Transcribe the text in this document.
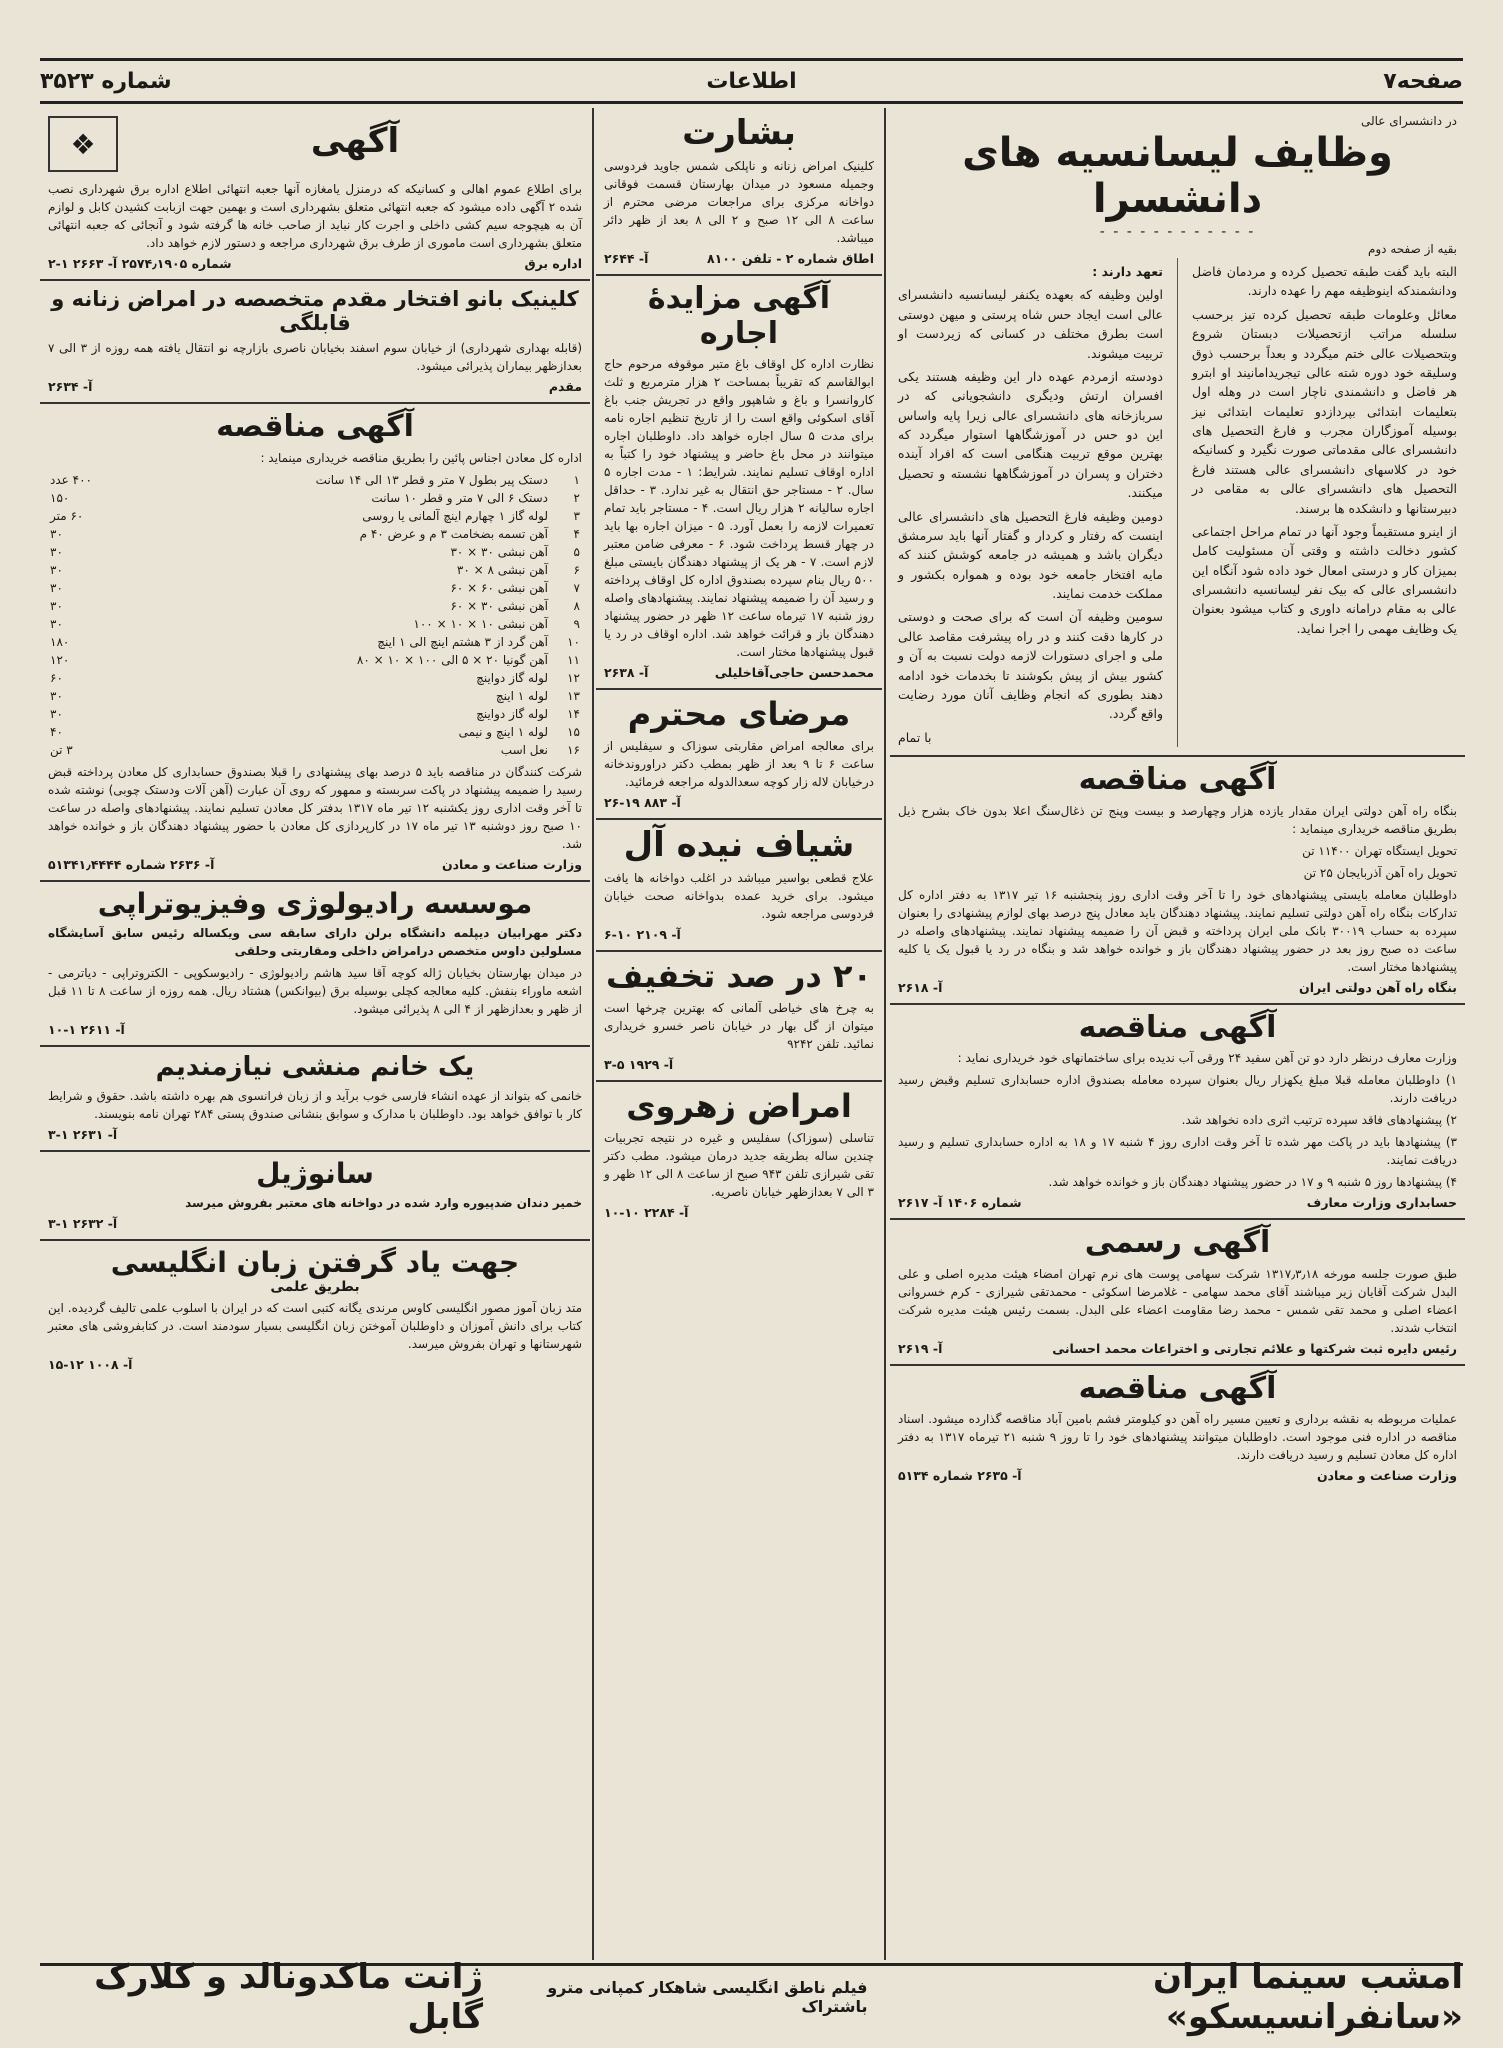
صفحه۷
اطلاعات
شماره ۳۵۲۳
در دانشسرای عالی
وظایف لیسانسیه های دانشسرا
- - - - - - - - - - - -
بقیه از صفحه دوم
البته باید گفت طبقه تحصیل کرده و مردمان فاضل ودانشمندکه اینوظیفه مهم را عهده دارند.
معائل وعلومات طبقه تحصیل کرده تیز برحسب سلسله مراتب ازتحصیلات دبستان شروع وبتحصیلات عالی ختم میگردد و بعداً برحسب ذوق وسلیقه خود دوره شته عالی تیجریدامانیند او ابترو هر فاضل و دانشمندی ناچار است در وهله اول بتعلیمات ابتدائی بپردازدو تعلیمات ابتدائی نیز بوسیله آموزگاران مجرب و فارغ التحصیل های دانشسرای عالی مقدماتی صورت نگیرد و کسانیکه خود در کلاسهای دانشسرای عالی هستند فارغ التحصیل های دانشسرای عالی به مقامی در دبیرستانها و دانشکده ها برسند.
از اینرو مستقیماً وجود آنها در تمام مراحل اجتماعی کشور دخالت داشته و وقتی آن مسئولیت کامل بمیزان کار و درستی امعال خود داده شود آنگاه این دانشسرای عالی که بیک نفر لیسانسیه دانشسرای عالی به مقام درامانه داوری و کتاب میشود بعنوان یک وظایف مهمی را اجرا نماید.
تعهد دارند :
اولین وظیفه که بعهده یکنفر لیسانسیه دانشسرای عالی است ایجاد حس شاه پرستی و میهن دوستی است بطرق مختلف در کسانی که زیردست او تربیت میشوند.
دودسته ازمردم عهده دار این وظیفه هستند یکی افسران ارتش ودیگری دانشجویانی که در سربازخانه های دانشسرای عالی زیرا پایه واساس این دو حس در آموزشگاهها استوار میگردد که بهترین موقع تربیت هنگامی است که افراد آینده دختران و پسران در آموزشگاهها نشسته و تحصیل میکنند.
دومین وظیفه فارغ التحصیل های دانشسرای عالی اینست که رفتار و کردار و گفتار آنها باید سرمشق دیگران باشد و همیشه در جامعه کوشش کنند که مایه افتخار جامعه خود بوده و همواره بکشور و مملکت خدمت نمایند.
سومین وظیفه آن است که برای صحت و دوستی در کارها دقت کنند و در راه پیشرفت مقاصد عالی ملی و اجرای دستورات لازمه دولت نسبت به آن و کشور بیش از پیش بکوشند تا بخدمات خود ادامه دهند بطوری که انجام وظایف آنان مورد رضایت واقع گردد.
با تمام
آگهی مناقصه
بنگاه راه آهن دولتی ایران مقدار یازده هزار وچهارصد و بیست وپنج تن ذغال‌سنگ اعلا بدون خاک بشرح ذیل بطریق مناقصه خریداری مینماید :
تحویل ایستگاه تهران ۱۱۴۰۰ تن
تحویل راه آهن آذربایجان ۲۵ تن
داوطلبان معامله بایستی پیشنهادهای خود را تا آخر وقت اداری روز پنجشنبه ۱۶ تیر ۱۳۱۷ به دفتر اداره کل تدارکات بنگاه راه آهن دولتی تسلیم نمایند. پیشنهاد دهندگان باید معادل پنج درصد بهای لوازم پیشنهادی را بعنوان سپرده به حساب ۳۰۰۱۹ بانک ملی ایران پرداخته و قبض آن را ضمیمه پیشنهاد نمایند. پیشنهادهای واصله در ساعت ده صبح روز بعد در حضور پیشنهاد دهندگان باز و خوانده خواهد شد و بنگاه در رد یا قبول یک یا کلیه پیشنهادها مختار است.
بنگاه راه آهن دولتی ایران
آ- ۲۶۱۸
آگهی مناقصه
وزارت معارف درنظر دارد دو تن آهن سفید ۲۴ ورقی آب ندیده برای ساختمانهای خود خریداری نماید :
۱) داوطلبان معامله قبلا مبلغ یکهزار ریال بعنوان سپرده معامله بصندوق اداره حسابداری تسلیم وقبض رسید دریافت دارند.
۲) پیشنهادهای فاقد سپرده ترتیب اثری داده نخواهد شد.
۳) پیشنهادها باید در پاکت مهر شده تا آخر وقت اداری روز ۴ شنبه ۱۷ و ۱۸ به اداره حسابداری تسلیم و رسید دریافت نمایند.
۴) پیشنهادها روز ۵ شنبه ۹ و ۱۷ در حضور پیشنهاد دهندگان باز و خوانده خواهد شد.
حسابداری وزارت معارف
شماره ۱۴۰۶ آ- ۲۶۱۷
آگهی رسمی
طبق صورت جلسه مورخه ۱۳۱۷٫۳٫۱۸ شرکت سهامی پوست های نرم تهران امضاء هیئت مدیره اصلی و علی البدل شرکت آقایان زیر میباشند آقای محمد سهامی - غلامرضا اسکوئی - محمدتقی شیرازی - کرم خسروانی اعضاء اصلی و محمد تقی شمس - محمد رضا مقاومت اعضاء علی البدل. بسمت رئیس هیئت مدیره شرکت انتخاب شدند.
رئیس دایره ثبت شرکتها و علائم تجارتی و اختراعات محمد احسانی
آ- ۲۶۱۹
آگهی مناقصه
عملیات مربوطه به نقشه برداری و تعیین مسیر راه آهن دو کیلومتر فشم بامین آباد مناقصه گذارده میشود. اسناد مناقصه در اداره فنی موجود است. داوطلبان میتوانند پیشنهادهای خود را تا روز ۹ شنبه ۲۱ تیرماه ۱۳۱۷ به دفتر اداره کل معادن تسلیم و رسید دریافت دارند.
وزارت صناعت و معادن
آ- ۲۶۳۵ شماره ۵۱۳۴
بشارت
کلینیک امراض زنانه و ناپلکی شمس جاوید فردوسی وجمیله مسعود در میدان بهارستان قسمت فوقانی دواخانه مرکزی برای مراجعات مرضی محترم از ساعت ۸ الی ۱۲ صبح و ۲ الی ۸ بعد از ظهر دائر میباشد.
اطاق شماره ۲ - تلفن ۸۱۰۰
آ- ۲۶۴۴
آگهی مزایدهٔ اجاره
نظارت اداره کل اوقاف باغ متبر موقوفه مرحوم حاج ابوالقاسم که تقریباً بمساحت ۲ هزار مترمربع و ثلث کاروانسرا و باغ و شاهپور واقع در تجریش جنب باغ آقای اسکوئی واقع است را از تاریخ تنظیم اجاره نامه برای مدت ۵ سال اجاره خواهد داد. داوطلبان اجاره میتوانند در محل باغ حاضر و پیشنهاد خود را کتباً به اداره اوقاف تسلیم نمایند. شرایط: ۱ - مدت اجاره ۵ سال. ۲ - مستاجر حق انتقال به غیر ندارد. ۳ - حداقل اجاره سالیانه ۲ هزار ریال است. ۴ - مستاجر باید تمام تعمیرات لازمه را بعمل آورد. ۵ - میزان اجاره بها باید در چهار قسط پرداخت شود. ۶ - معرفی ضامن معتبر لازم است. ۷ - هر یک از پیشنهاد دهندگان بایستی مبلغ ۵۰۰ ریال بنام سپرده بصندوق اداره کل اوقاف پرداخته و رسید آن را ضمیمه پیشنهاد نمایند. پیشنهادهای واصله روز شنبه ۱۷ تیرماه ساعت ۱۲ ظهر در حضور پیشنهاد دهندگان باز و قرائت خواهد شد. اداره اوقاف در رد یا قبول پیشنهادها مختار است.
محمدحسن حاجی‌آقاخلیلی
آ- ۲۶۳۸
مرضای محترم
برای معالجه امراض مقاربتی سوزاک و سیفلیس از ساعت ۶ تا ۹ بعد از ظهر بمطب دکتر دراوروندخانه درخیابان لاله زار کوچه سعدالدوله مراجعه فرمائید.
آ- ۸۸۳ ۱۹-۲۶
شیاف نیده آل
علاج قطعی بواسیر میباشد در اغلب دواخانه ها یافت میشود. برای خرید عمده بدواخانه صحت خیابان فردوسی مراجعه شود.
آ- ۲۱۰۹ ۱۰-۶
۲۰ در صد تخفیف
به چرخ های خیاطی آلمانی که بهترین چرخها است میتوان از گل بهار در خیابان ناصر خسرو خریداری نمائید. تلفن ۹۲۴۲
آ- ۱۹۲۹ ۵-۳
امراض زهروی
تناسلی (سوزاک) سفلیس و غیره در نتیجه تجربیات چندین ساله بطریقه جدید درمان میشود. مطب دکتر تقی شیرازی تلفن ۹۴۳ صبح از ساعت ۸ الی ۱۲ ظهر و ۳ الی ۷ بعدازظهر خیابان ناصریه.
آ- ۲۲۸۴ ۱۰-۱۰
❖	آگهی
برای اطلاع عموم اهالی و کسانیکه که درمنزل یامغازه آنها جعبه انتهائی اطلاع اداره برق شهرداری نصب شده ۲ آگهی داده میشود که جعبه انتهائی متعلق بشهرداری است و بهمین جهت ازبابت کشیدن کابل و لوازم آن به هیچوجه سیم کشی داخلی و اجرت کار نباید از صاحب خانه ها گرفته شود و آنجائی که جعبه انتهائی متعلق بشهرداری است ماموری از طرف برق شهرداری مراجعه و دستور لازم خواهد داد.
اداره برق
شماره ۲۵۷۴٫۱۹۰۵ آ- ۲۶۶۳ ۱-۲
کلینیک بانو افتخار مقدم متخصصه در امراض زنانه و قابلگی
(قابله بهداری شهرداری) از خیابان سوم اسفند بخیابان ناصری بازارچه نو انتقال یافته همه روزه از ۳ الی ۷ بعدازظهر بیماران پذیرائی میشود.
مقدم
آ- ۲۶۳۴
آگهی مناقصه
اداره کل معادن اجناس پائین را بطریق مناقصه خریداری مینماید :
۱	دستک پیر بطول ۷ متر و قطر ۱۳ الی ۱۴ سانت	۴۰۰ عدد
۲	دستک ۶ الی ۷ متر و قطر ۱۰ سانت	۱۵۰
۳	لوله گاز ۱ چهارم اینچ آلمانی یا روسی	۶۰ متر
۴	آهن تسمه بضخامت ۳ م و عرض ۴۰ م	۳۰
۵	آهن نبشی ۳۰ × ۳۰	۳۰
۶	آهن نبشی ۸ × ۳۰	۳۰
۷	آهن نبشی ۶۰ × ۶۰	۳۰
۸	آهن نبشی ۳۰ × ۶۰	۳۰
۹	آهن نبشی ۱۰ × ۱۰ × ۱۰۰	۳۰
۱۰	آهن گرد از ۳ هشتم اینچ الی ۱ اینچ	۱۸۰
۱۱	آهن گونیا ۲۰ × ۵ الی ۱۰۰ × ۱۰ × ۸۰	۱۲۰
۱۲	لوله گاز دواینچ	۶۰
۱۳	لوله ۱ اینچ	۳۰
۱۴	لوله گاز دواینچ	۳۰
۱۵	لوله ۱ اینچ و نیمی	۴۰
۱۶	نعل اسب	۳ تن
شرکت کنندگان در مناقصه باید ۵ درصد بهای پیشنهادی را قبلا بصندوق حسابداری کل معادن پرداخته قبض رسید را ضمیمه پیشنهاد در پاکت سربسته و ممهور که روی آن عبارت (آهن آلات ودستک چوبی) نوشته شده تا آخر وقت اداری روز یکشنبه ۱۲ تیر ماه ۱۳۱۷ بدفتر کل معادن تسلیم نمایند. پیشنهادهای واصله در ساعت ۱۰ صبح روز دوشنبه ۱۳ تیر ماه ۱۷ در کارپردازی کل معادن با حضور پیشنهاد دهندگان باز و خوانده خواهد شد.
وزارت صناعت و معادن
آ- ۲۶۳۶ شماره ۵۱۳۴۱٫۴۴۴۴
موسسه رادیولوژی وفیزیوتراپی
دکتر مهرابیان دیپلمه دانشگاه برلن دارای سابقه سی ویکساله رئیس سابق آسایشگاه مسلولین داوس متخصص درامراض داخلی ومقاربتی وحلقی
در میدان بهارستان بخیابان ژاله کوچه آقا سید هاشم رادیولوژی - رادیوسکوپی - الکتروتراپی - دیاترمی - اشعه ماوراء بنفش. کلیه معالجه کچلی بوسیله برق (بیوانکس) هشتاد ریال. همه روزه از ساعت ۸ تا ۱۱ قبل از ظهر و بعدازظهر از ۴ الی ۸ پذیرائی میشود.
آ- ۲۶۱۱ ۱-۱۰
یک خانم منشی نیازمندیم
خانمی که بتواند از عهده انشاء فارسی خوب برآید و از زبان فرانسوی هم بهره داشته باشد. حقوق و شرایط کار با توافق خواهد بود. داوطلبان با مدارک و سوابق بنشانی صندوق پستی ۲۸۴ تهران نامه بنویسند.
آ- ۲۶۳۱ ۱-۳
سانوژیل
خمیر دندان ضدپیوره وارد شده در دواخانه های معتبر بفروش میرسد
آ- ۲۶۳۲ ۱-۳
جهت یاد گرفتن زبان انگلیسی
بطریق علمی
متد زبان آموز مصور انگلیسی کاوس مرندی یگانه کتبی است که در ایران با اسلوب علمی تالیف گردیده. این کتاب برای دانش آموزان و داوطلبان آموختن زبان انگلیسی بسیار سودمند است. در کتابفروشی های معتبر شهرستانها و تهران بفروش میرسد.
آ- ۱۰۰۸ ۱۲-۱۵
امشب سینما ایران «سانفرانسیسکو»
فیلم ناطق انگلیسی شاهکار کمپانی مترو باشتراک
ژانت ماکدونالد و کلارک گابل
